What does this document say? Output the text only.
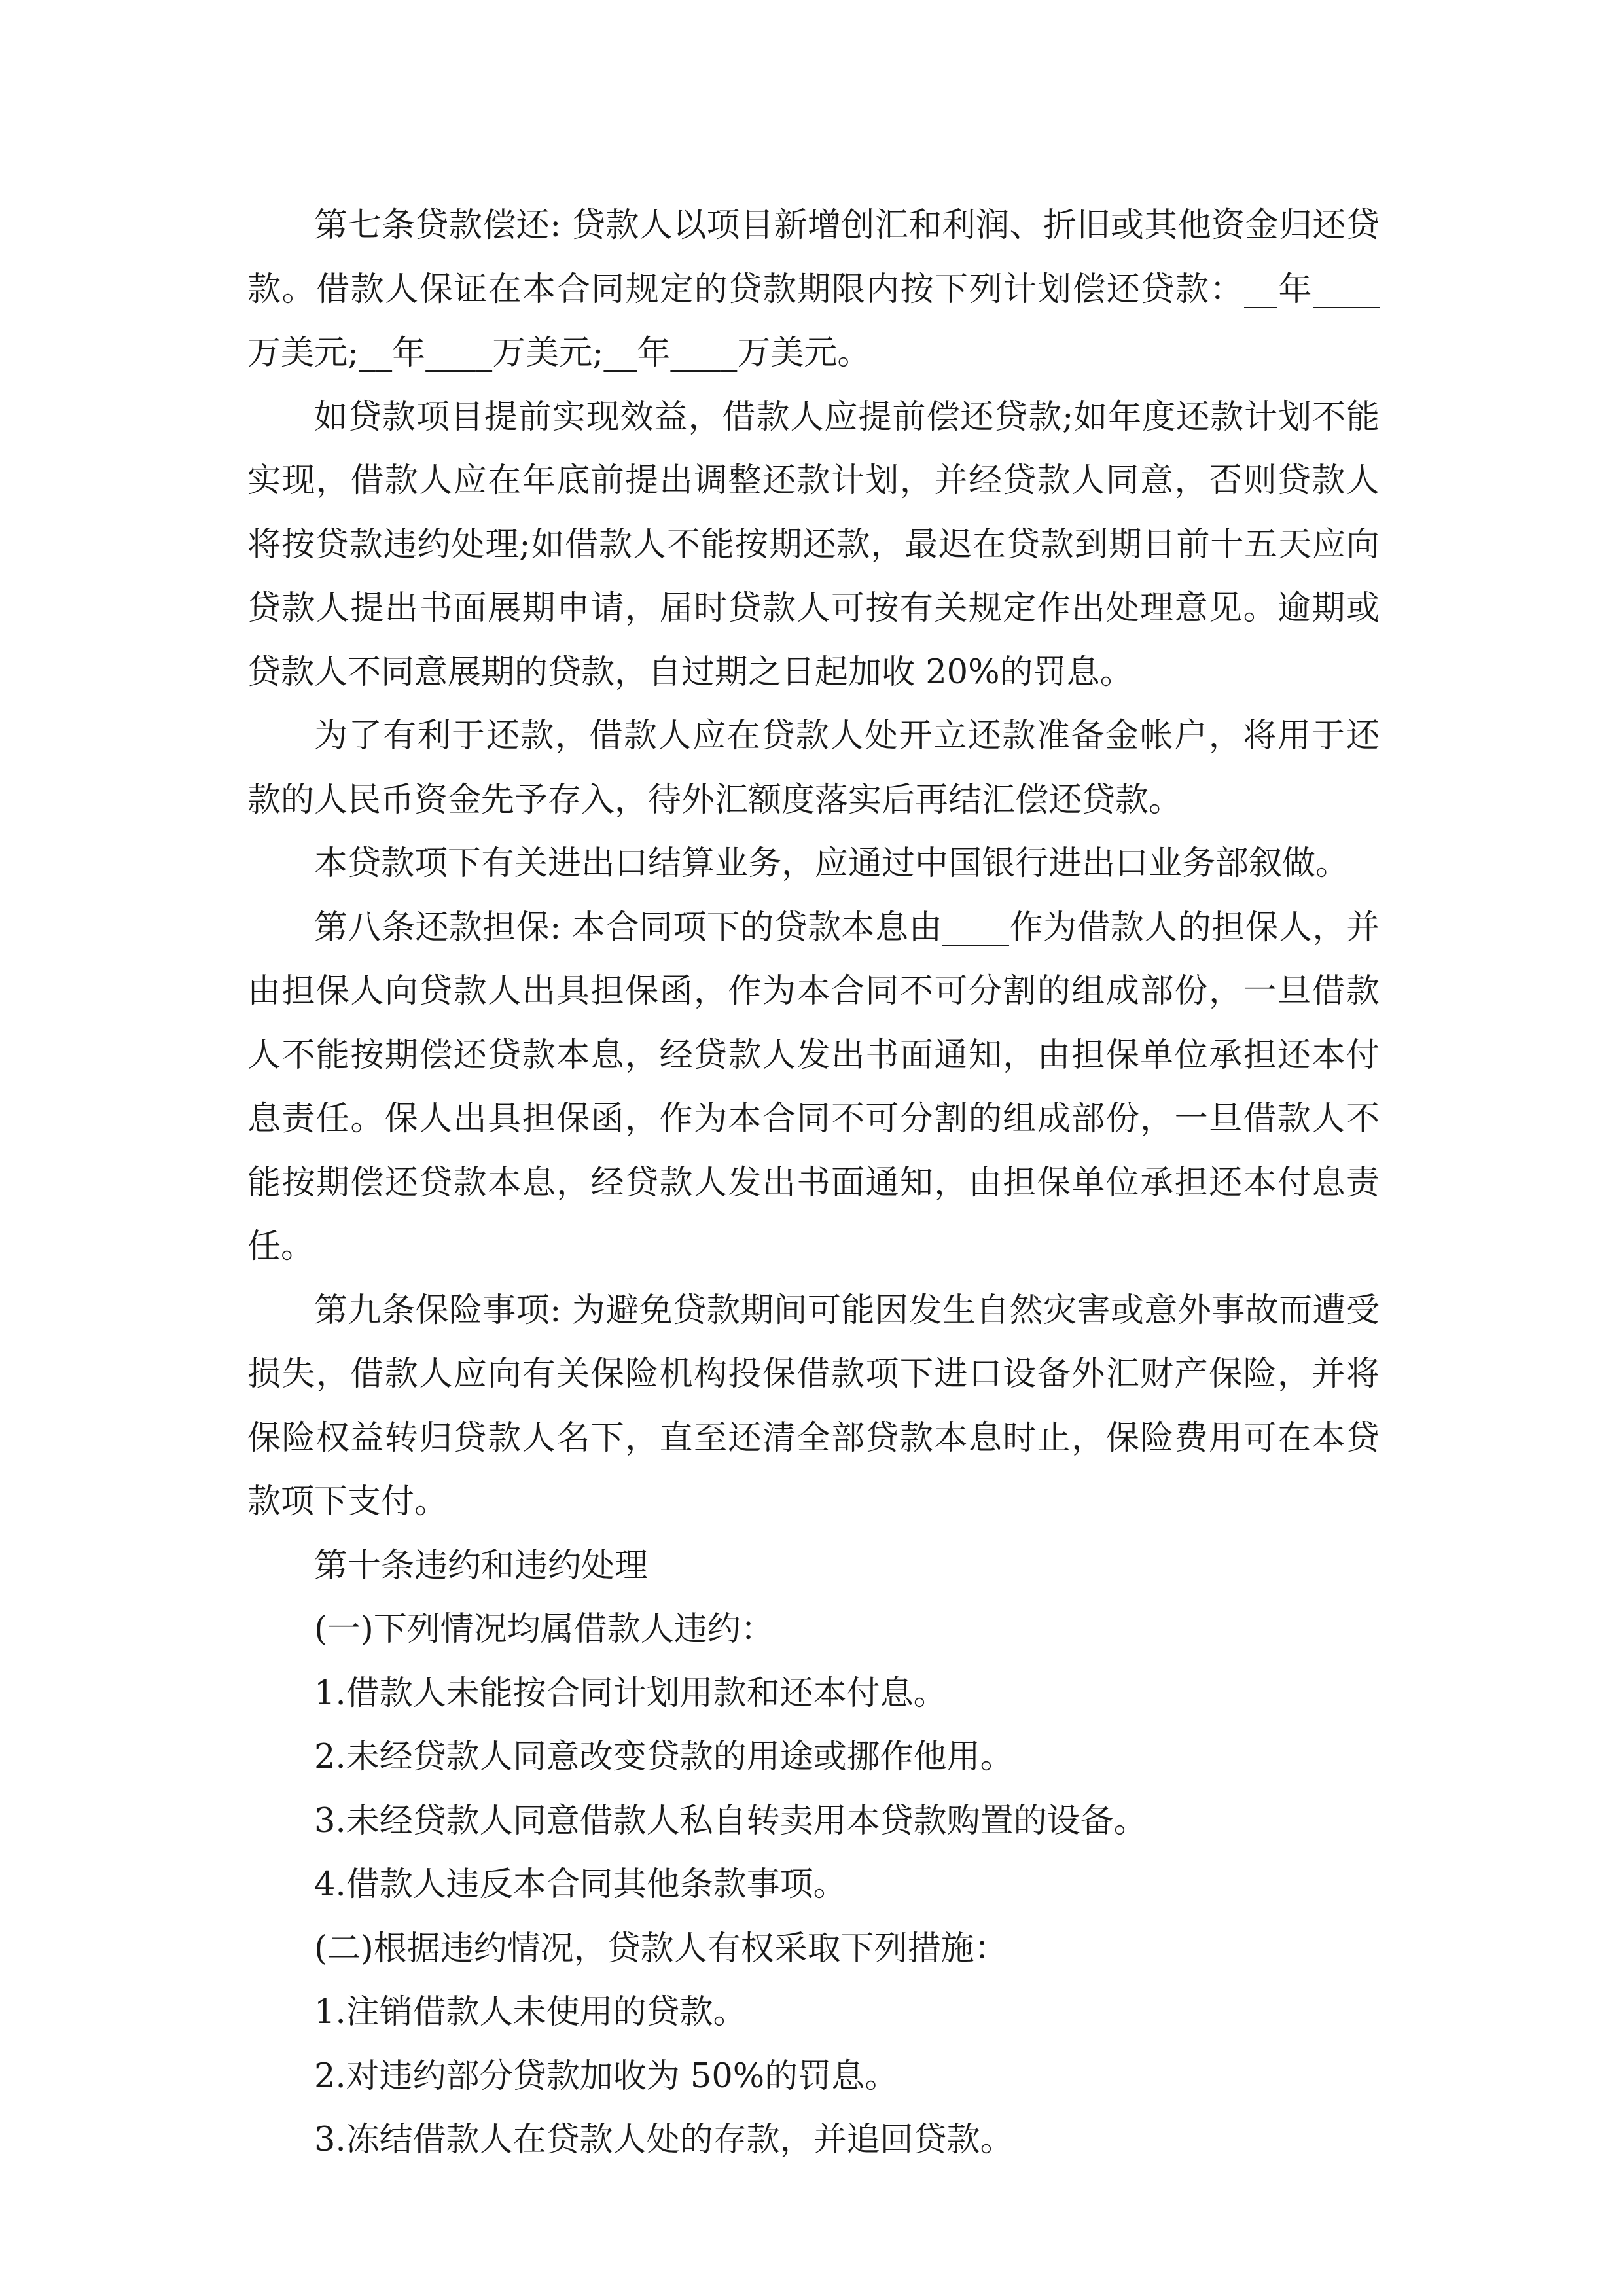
第七条贷款偿还: 贷款人以项目新增创汇和利润、折旧或其他资金归还贷款。借款人保证在本合同规定的贷款期限内按下列计划偿还贷款：__年____万美元;__年____万美元;__年____万美元。

如贷款项目提前实现效益，借款人应提前偿还贷款;如年度还款计划不能实现，借款人应在年底前提出调整还款计划，并经贷款人同意，否则贷款人将按贷款违约处理;如借款人不能按期还款，最迟在贷款到期日前十五天应向贷款人提出书面展期申请，届时贷款人可按有关规定作出处理意见。逾期或贷款人不同意展期的贷款，自过期之日起加收 20%的罚息。

为了有利于还款，借款人应在贷款人处开立还款准备金帐户，将用于还款的人民币资金先予存入，待外汇额度落实后再结汇偿还贷款。

本贷款项下有关进出口结算业务，应通过中国银行进出口业务部叙做。

第八条还款担保: 本合同项下的贷款本息由____作为借款人的担保人，并由担保人向贷款人出具担保函，作为本合同不可分割的组成部份，一旦借款人不能按期偿还贷款本息，经贷款人发出书面通知，由担保单位承担还本付息责任。保人出具担保函，作为本合同不可分割的组成部份，一旦借款人不能按期偿还贷款本息，经贷款人发出书面通知，由担保单位承担还本付息责任。

第九条保险事项: 为避免贷款期间可能因发生自然灾害或意外事故而遭受损失，借款人应向有关保险机构投保借款项下进口设备外汇财产保险，并将保险权益转归贷款人名下，直至还清全部贷款本息时止，保险费用可在本贷款项下支付。

第十条违约和违约处理

(一)下列情况均属借款人违约：

1.借款人未能按合同计划用款和还本付息。

2.未经贷款人同意改变贷款的用途或挪作他用。

3.未经贷款人同意借款人私自转卖用本贷款购置的设备。

4.借款人违反本合同其他条款事项。

(二)根据违约情况，贷款人有权采取下列措施：

1.注销借款人未使用的贷款。

2.对违约部分贷款加收为 50%的罚息。

3.冻结借款人在贷款人处的存款，并追回贷款。
